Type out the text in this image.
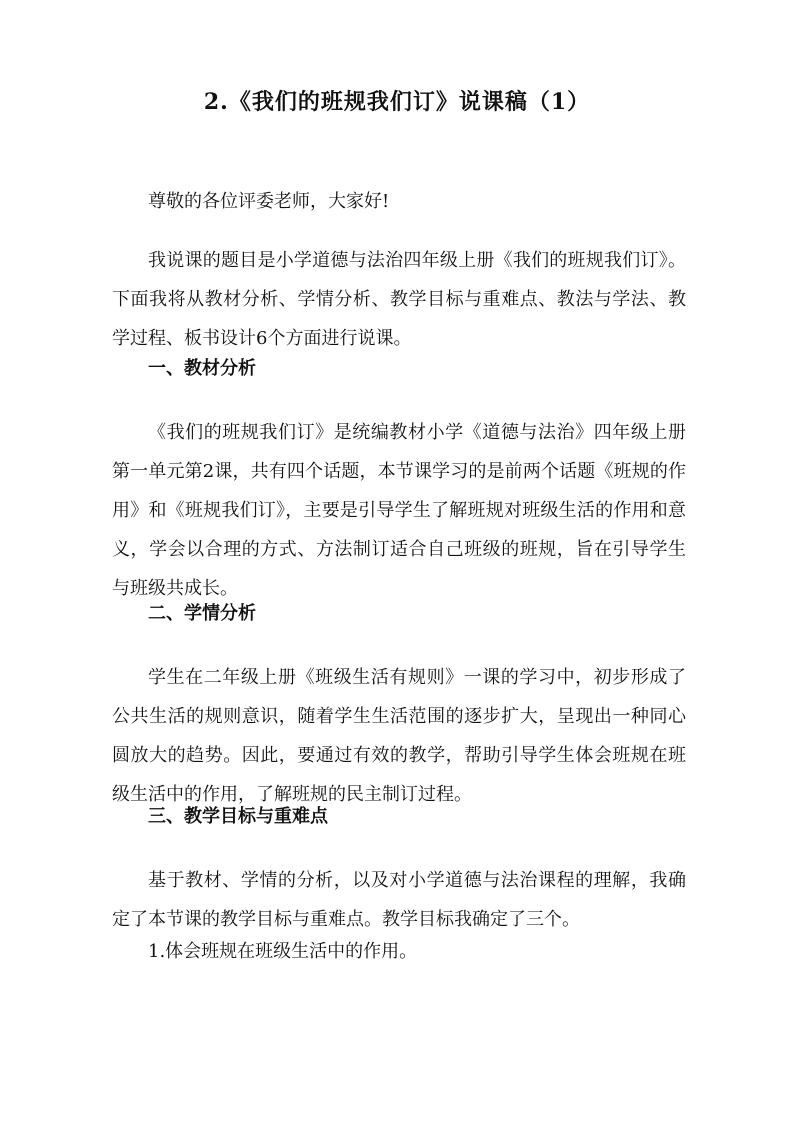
2.《我们的班规我们订》说课稿（1）

尊敬的各位评委老师，大家好!

我说课的题目是小学道德与法治四年级上册《我们的班规我们订》。下面我将从教材分析、学情分析、教学目标与重难点、教法与学法、教学过程、板书设计6个方面进行说课。

一、教材分析

《我们的班规我们订》是统编教材小学《道德与法治》四年级上册第一单元第2课，共有四个话题，本节课学习的是前两个话题《班规的作用》和《班规我们订》，主要是引导学生了解班规对班级生活的作用和意义，学会以合理的方式、方法制订适合自己班级的班规，旨在引导学生与班级共成长。

二、学情分析

学生在二年级上册《班级生活有规则》一课的学习中，初步形成了公共生活的规则意识，随着学生生活范围的逐步扩大，呈现出一种同心圆放大的趋势。因此，要通过有效的教学，帮助引导学生体会班规在班级生活中的作用，了解班规的民主制订过程。

三、教学目标与重难点

基于教材、学情的分析，以及对小学道德与法治课程的理解，我确定了本节课的教学目标与重难点。教学目标我确定了三个。

1.体会班规在班级生活中的作用。
